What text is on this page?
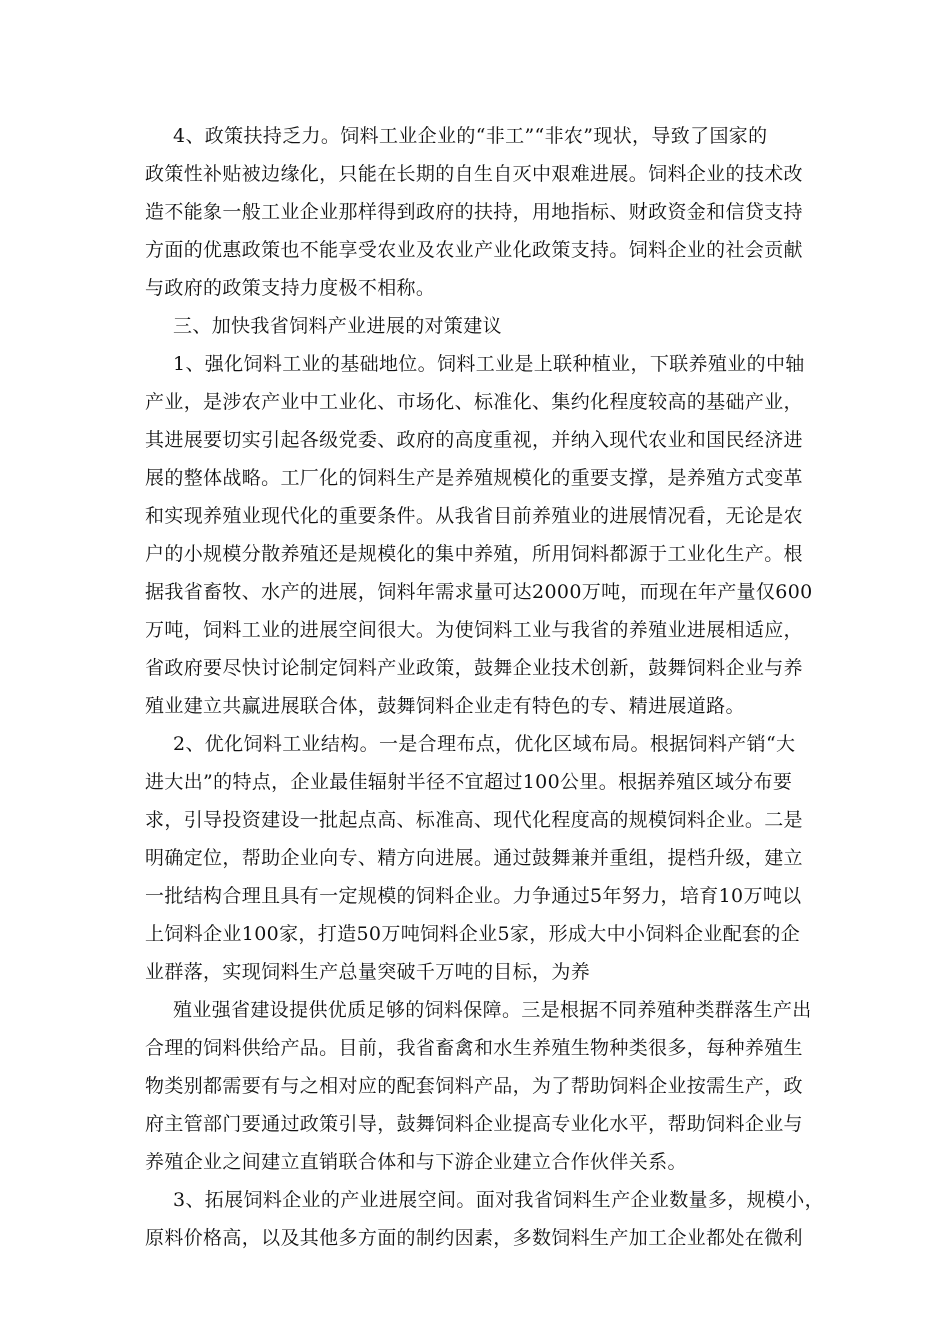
4、政策扶持乏力。饲料工业企业的“非工”“非农”现状，导致了国家的
政策性补贴被边缘化，只能在长期的自生自灭中艰难进展。饲料企业的技术改
造不能象一般工业企业那样得到政府的扶持，用地指标、财政资金和信贷支持
方面的优惠政策也不能享受农业及农业产业化政策支持。饲料企业的社会贡献
与政府的政策支持力度极不相称。
三、加快我省饲料产业进展的对策建议
1、强化饲料工业的基础地位。饲料工业是上联种植业，下联养殖业的中轴
产业，是涉农产业中工业化、市场化、标准化、集约化程度较高的基础产业，
其进展要切实引起各级党委、政府的高度重视，并纳入现代农业和国民经济进
展的整体战略。工厂化的饲料生产是养殖规模化的重要支撑，是养殖方式变革
和实现养殖业现代化的重要条件。从我省目前养殖业的进展情况看，无论是农
户的小规模分散养殖还是规模化的集中养殖，所用饲料都源于工业化生产。根
据我省畜牧、水产的进展，饲料年需求量可达2000万吨，而现在年产量仅600
万吨，饲料工业的进展空间很大。为使饲料工业与我省的养殖业进展相适应，
省政府要尽快讨论制定饲料产业政策，鼓舞企业技术创新，鼓舞饲料企业与养
殖业建立共赢进展联合体，鼓舞饲料企业走有特色的专、精进展道路。
2、优化饲料工业结构。一是合理布点，优化区域布局。根据饲料产销“大
进大出”的特点，企业最佳辐射半径不宜超过100公里。根据养殖区域分布要
求，引导投资建设一批起点高、标准高、现代化程度高的规模饲料企业。二是
明确定位，帮助企业向专、精方向进展。通过鼓舞兼并重组，提档升级，建立
一批结构合理且具有一定规模的饲料企业。力争通过5年努力，培育10万吨以
上饲料企业100家，打造50万吨饲料企业5家，形成大中小饲料企业配套的企
业群落，实现饲料生产总量突破千万吨的目标，为养
殖业强省建设提供优质足够的饲料保障。三是根据不同养殖种类群落生产出
合理的饲料供给产品。目前，我省畜禽和水生养殖生物种类很多，每种养殖生
物类别都需要有与之相对应的配套饲料产品，为了帮助饲料企业按需生产，政
府主管部门要通过政策引导，鼓舞饲料企业提高专业化水平，帮助饲料企业与
养殖企业之间建立直销联合体和与下游企业建立合作伙伴关系。
3、拓展饲料企业的产业进展空间。面对我省饲料生产企业数量多，规模小，
原料价格高，以及其他多方面的制约因素，多数饲料生产加工企业都处在微利
